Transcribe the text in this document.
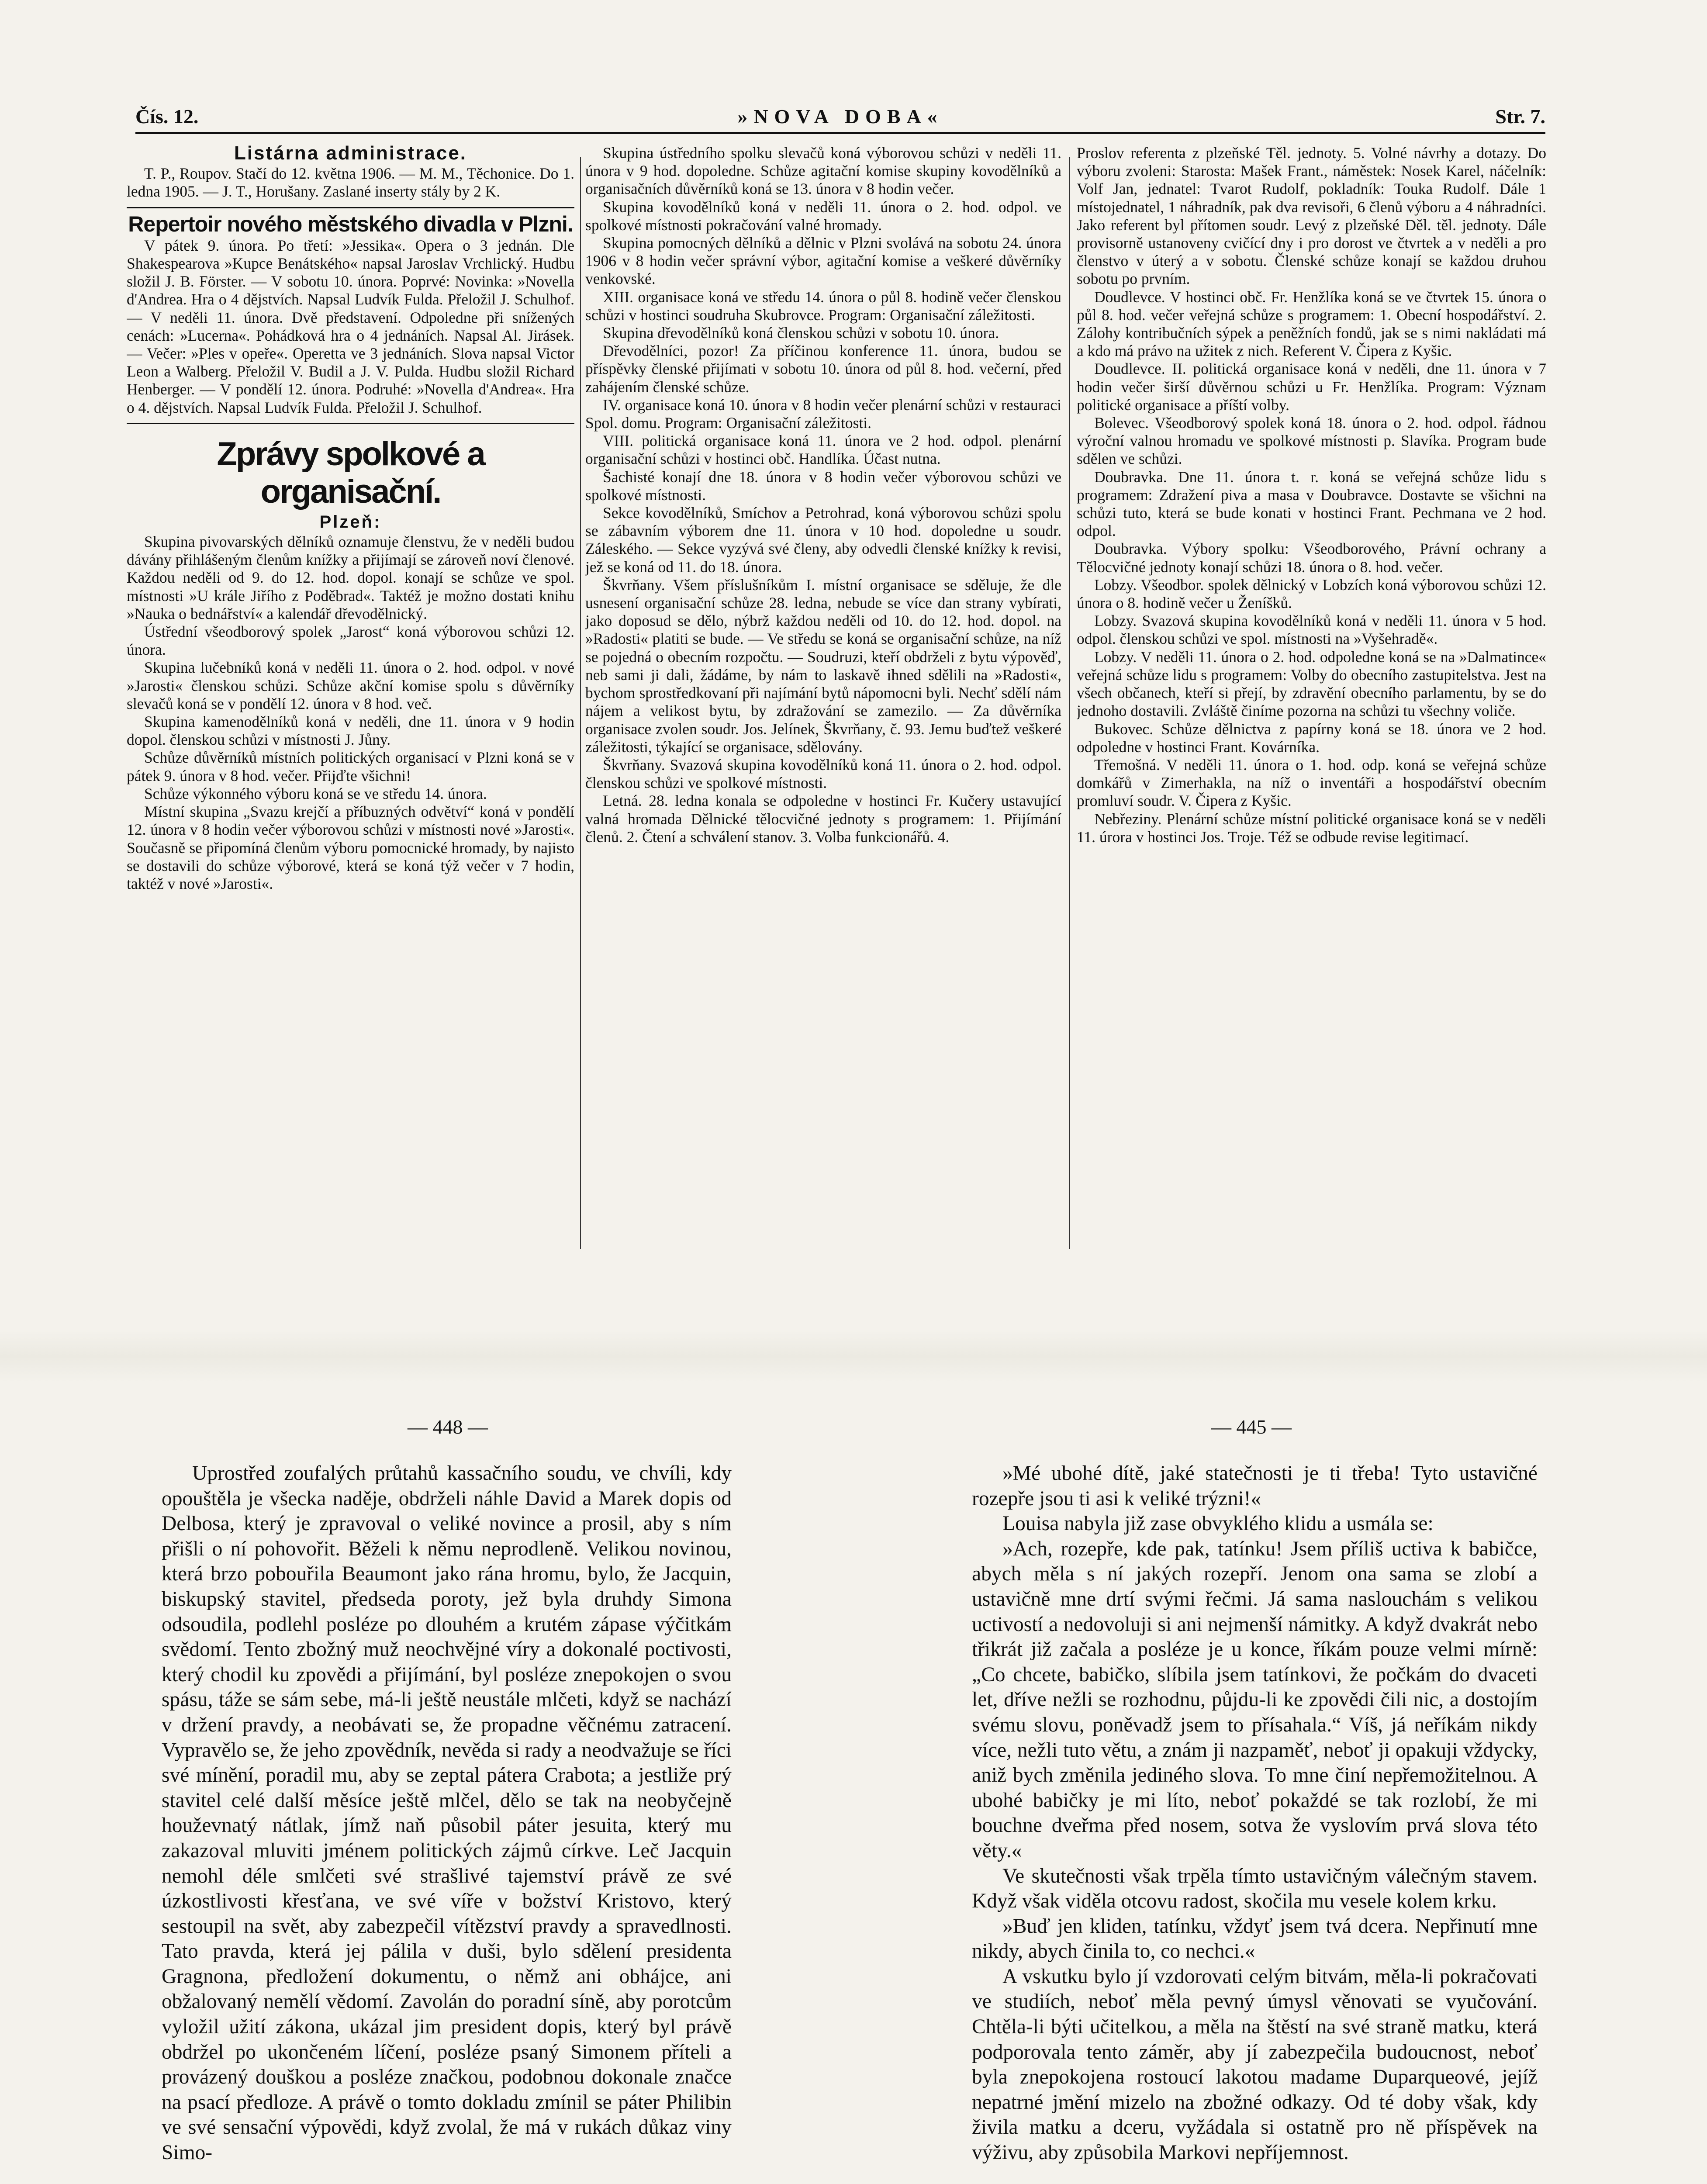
Čís. 12.	»NOVA DOBA«	Str. 7.
Listárna administrace.

T. P., Roupov. Stačí do 12. května 1906. — M. M., Těchonice. Do 1. ledna 1905. — J. T., Horušany. Zaslané inserty stály by 2 K.

Repertoir nového městského divadla v Plzni.

V pátek 9. února. Po třetí: »Jessika«. Opera o 3 jednán. Dle Shakespearova »Kupce Benátského« napsal Jaroslav Vrchlický. Hudbu složil J. B. Förster. — V sobotu 10. února. Poprvé: Novinka: »Novella d'Andrea. Hra o 4 dějstvích. Napsal Ludvík Fulda. Přeložil J. Schulhof. — V neděli 11. února. Dvě představení. Odpoledne při snížených cenách: »Lucerna«. Pohádková hra o 4 jednáních. Napsal Al. Jirásek. — Večer: »Ples v opeře«. Operetta ve 3 jednáních. Slova napsal Victor Leon a Walberg. Přeložil V. Budil a J. V. Pulda. Hudbu složil Richard Henberger. — V pondělí 12. února. Podruhé: »Novella d'Andrea«. Hra o 4. dějstvích. Napsal Ludvík Fulda. Přeložil J. Schulhof.

Zprávy spolkové a organisační.
Plzeň:

Skupina pivovarských dělníků oznamuje členstvu, že v neděli budou dávány přihlášeným členům knížky a přijímají se zároveň noví členové. Každou neděli od 9. do 12. hod. dopol. konají se schůze ve spol. místnosti »U krále Jiřího z Poděbrad«. Taktéž je možno dostati knihu »Nauka o bednářství« a kalendář dřevodělnický.

Ústřední všeodborový spolek „Jarost“ koná výborovou schůzi 12. února.

Skupina lučebníků koná v neděli 11. února o 2. hod. odpol. v nové »Jarosti« členskou schůzi. Schůze akční komise spolu s důvěrníky slevačů koná se v pondělí 12. února v 8 hod. več.

Skupina kamenodělníků koná v neděli, dne 11. února v 9 hodin dopol. členskou schůzi v místnosti J. Jůny.

Schůze důvěrníků místních politických organisací v Plzni koná se v pátek 9. února v 8 hod. večer. Přijďte všichni!

Schůze výkonného výboru koná se ve středu 14. února.

Místní skupina „Svazu krejčí a příbuzných odvětví“ koná v pondělí 12. února v 8 hodin večer výborovou schůzi v místnosti nové »Jarosti«. Současně se připomíná členům výboru pomocnické hromady, by najisto se dostavili do schůze výborové, která se koná týž večer v 7 hodin, taktéž v nové »Jarosti«.

Skupina ústředního spolku slevačů koná výborovou schůzi v neděli 11. února v 9 hod. dopoledne. Schůze agitační komise skupiny kovodělníků a organisačních důvěrníků koná se 13. února v 8 hodin večer.

Skupina kovodělníků koná v neděli 11. února o 2. hod. odpol. ve spolkové místnosti pokračování valné hromady.

Skupina pomocných dělníků a dělnic v Plzni svolává na sobotu 24. února 1906 v 8 hodin večer správní výbor, agitační komise a veškeré důvěrníky venkovské.

XIII. organisace koná ve středu 14. února o půl 8. hodině večer členskou schůzi v hostinci soudruha Skubrovce. Program: Organisační záležitosti.

Skupina dřevodělníků koná členskou schůzi v sobotu 10. února.

Dřevodělníci, pozor! Za příčinou konference 11. února, budou se příspěvky členské přijímati v sobotu 10. února od půl 8. hod. večerní, před zahájením členské schůze.

IV. organisace koná 10. února v 8 hodin večer plenární schůzi v restauraci Spol. domu. Program: Organisační záležitosti.

VIII. politická organisace koná 11. února ve 2 hod. odpol. plenární organisační schůzi v hostinci obč. Handlíka. Účast nutna.

Šachisté konají dne 18. února v 8 hodin večer výborovou schůzi ve spolkové místnosti.

Sekce kovodělníků, Smíchov a Petrohrad, koná výborovou schůzi spolu se zábavním výborem dne 11. února v 10 hod. dopoledne u soudr. Záleského. — Sekce vyzývá své členy, aby odvedli členské knížky k revisi, jež se koná od 11. do 18. února.

Škvrňany. Všem příslušníkům I. místní organisace se sděluje, že dle usnesení organisační schůze 28. ledna, nebude se více dan strany vybírati, jako doposud se dělo, nýbrž každou neděli od 10. do 12. hod. dopol. na »Radosti« platiti se bude. — Ve středu se koná se organisační schůze, na níž se pojedná o obecním rozpočtu. — Soudruzi, kteří obdrželi z bytu výpověď, neb sami ji dali, žádáme, by nám to laskavě ihned sdělili na »Radosti«, bychom sprostředkovaní při najímání bytů nápomocni byli. Nechť sdělí nám nájem a velikost bytu, by zdražování se zamezilo. — Za důvěrníka organisace zvolen soudr. Jos. Jelínek, Škvrňany, č. 93. Jemu buďtež veškeré záležitosti, týkající se organisace, sdělovány.

Škvrňany. Svazová skupina kovodělníků koná 11. února o 2. hod. odpol. členskou schůzi ve spolkové místnosti.

Letná. 28. ledna konala se odpoledne v hostinci Fr. Kučery ustavující valná hromada Dělnické tělocvičné jednoty s programem: 1. Přijímání členů. 2. Čtení a schválení stanov. 3. Volba funkcionářů. 4.

Proslov referenta z plzeňské Těl. jednoty. 5. Volné návrhy a dotazy. Do výboru zvoleni: Starosta: Mašek Frant., náměstek: Nosek Karel, náčelník: Volf Jan, jednatel: Tvarot Rudolf, pokladník: Touka Rudolf. Dále 1 místojednatel, 1 náhradník, pak dva revisoři, 6 členů výboru a 4 náhradníci. Jako referent byl přítomen soudr. Levý z plzeňské Děl. těl. jednoty. Dále provisorně ustanoveny cvičící dny i pro dorost ve čtvrtek a v neděli a pro členstvo v úterý a v sobotu. Členské schůze konají se každou druhou sobotu po prvním.

Doudlevce. V hostinci obč. Fr. Henžlíka koná se ve čtvrtek 15. února o půl 8. hod. večer veřejná schůze s programem: 1. Obecní hospodářství. 2. Zálohy kontribučních sýpek a peněžních fondů, jak se s nimi nakládati má a kdo má právo na užitek z nich. Referent V. Čipera z Kyšic.

Doudlevce. II. politická organisace koná v neděli, dne 11. února v 7 hodin večer širší důvěrnou schůzi u Fr. Henžlíka. Program: Význam politické organisace a příští volby.

Bolevec. Všeodborový spolek koná 18. února o 2. hod. odpol. řádnou výroční valnou hromadu ve spolkové místnosti p. Slavíka. Program bude sdělen ve schůzi.

Doubravka. Dne 11. února t. r. koná se veřejná schůze lidu s programem: Zdražení piva a masa v Doubravce. Dostavte se všichni na schůzi tuto, která se bude konati v hostinci Frant. Pechmana ve 2 hod. odpol.

Doubravka. Výbory spolku: Všeodborového, Právní ochrany a Tělocvičné jednoty konají schůzi 18. února o 8. hod. večer.

Lobzy. Všeodbor. spolek dělnický v Lobzích koná výborovou schůzi 12. února o 8. hodině večer u Ženíšků.

Lobzy. Svazová skupina kovodělníků koná v neděli 11. února v 5 hod. odpol. členskou schůzi ve spol. místnosti na »Vyšehradě«.

Lobzy. V neděli 11. února o 2. hod. odpoledne koná se na »Dalmatince« veřejná schůze lidu s programem: Volby do obecního zastupitelstva. Jest na všech občanech, kteří si přejí, by zdravění obecního parlamentu, by se do jednoho dostavili. Zvláště činíme pozorna na schůzi tu všechny voliče.

Bukovec. Schůze dělnictva z papírny koná se 18. února ve 2 hod. odpoledne v hostinci Frant. Kovárníka.

Třemošná. V neděli 11. února o 1. hod. odp. koná se veřejná schůze domkářů v Zimerhakla, na níž o inventáři a hospodářství obecním promluví soudr. V. Čipera z Kyšic.

Nebřeziny. Plenární schůze místní politické organisace koná se v neděli 11. úrora v hostinci Jos. Troje. Též se odbude revise legitimací.

— 448 —	— 445 —

Uprostřed zoufalých průtahů kassačního soudu, ve chvíli, kdy opouštěla je všecka naděje, obdrželi náhle David a Marek dopis od Delbosa, který je zpravoval o veliké novince a prosil, aby s ním přišli o ní pohovořit. Běželi k němu neprodleně. Velikou novinou, která brzo pobouřila Beaumont jako rána hromu, bylo, že Jacquin, biskupský stavitel, předseda poroty, jež byla druhdy Simona odsoudila, podlehl posléze po dlouhém a krutém zápase výčitkám svědomí. Tento zbožný muž neochvějné víry a dokonalé poctivosti, který chodil ku zpovědi a přijímání, byl posléze znepokojen o svou spásu, táže se sám sebe, má-li ještě neustále mlčeti, když se nachází v držení pravdy, a neobávati se, že propadne věčnému zatracení. Vypravělo se, že jeho zpovědník, nevěda si rady a neodvažuje se říci své mínění, poradil mu, aby se zeptal pátera Crabota; a jestliže prý stavitel celé další měsíce ještě mlčel, dělo se tak na neobyčejně houževnatý nátlak, jímž naň působil páter jesuita, který mu zakazoval mluviti jménem politických zájmů církve. Leč Jacquin nemohl déle smlčeti své strašlivé tajemství právě ze své úzkostlivosti křesťana, ve své víře v božství Kristovo, který sestoupil na svět, aby zabezpečil vítězství pravdy a spravedlnosti. Tato pravda, která jej pálila v duši, bylo sdělení presidenta Gragnona, předložení dokumentu, o němž ani obhájce, ani obžalovaný nemělí vědomí. Zavolán do poradní síně, aby porotcům vyložil užití zákona, ukázal jim president dopis, který byl právě obdržel po ukončeném líčení, posléze psaný Simonem příteli a provázený douškou a posléze značkou, podobnou dokonale značce na psací předloze. A právě o tomto dokladu zmínil se páter Philibin ve své sensační výpovědi, když zvolal, že má v rukách důkaz viny Simo-

»Mé ubohé dítě, jaké statečnosti je ti třeba! Tyto ustavičné rozepře jsou ti asi k veliké trýzni!«

Louisa nabyla již zase obvyklého klidu a usmála se:

»Ach, rozepře, kde pak, tatínku! Jsem příliš uctiva k babičce, abych měla s ní jakých rozepří. Jenom ona sama se zlobí a ustavičně mne drtí svými řečmi. Já sama naslouchám s velikou uctivostí a nedovoluji si ani nejmenší námitky. A když dvakrát nebo třikrát již začala a posléze je u konce, říkám pouze velmi mírně: „Co chcete, babičko, slíbila jsem tatínkovi, že počkám do dvaceti let, dříve nežli se rozhodnu, půjdu-li ke zpovědi čili nic, a dostojím svému slovu, poněvadž jsem to přísahala.“ Víš, já neříkám nikdy více, nežli tuto větu, a znám ji nazpaměť, neboť ji opakuji vždycky, aniž bych změnila jediného slova. To mne činí nepřemožitelnou. A ubohé babičky je mi líto, neboť pokaždé se tak rozlobí, že mi bouchne dveřma před nosem, sotva že vyslovím prvá slova této věty.«

Ve skutečnosti však trpěla tímto ustavičným válečným stavem. Když však viděla otcovu radost, skočila mu vesele kolem krku.

»Buď jen kliden, tatínku, vždyť jsem tvá dcera. Nepřinutí mne nikdy, abych činila to, co nechci.«

A vskutku bylo jí vzdorovati celým bitvám, měla-li pokračovati ve studiích, neboť měla pevný úmysl věnovati se vyučování. Chtěla-li býti učitelkou, a měla na štěstí na své straně matku, která podporovala tento záměr, aby jí zabezpečila budoucnost, neboť byla znepokojena rostoucí lakotou madame Duparqueové, jejíž nepatrné jmění mizelo na zbožné odkazy. Od té doby však, kdy živila matku a dceru, vyžádala si ostatně pro ně příspěvek na výživu, aby způsobila Markovi nepříjemnost.
